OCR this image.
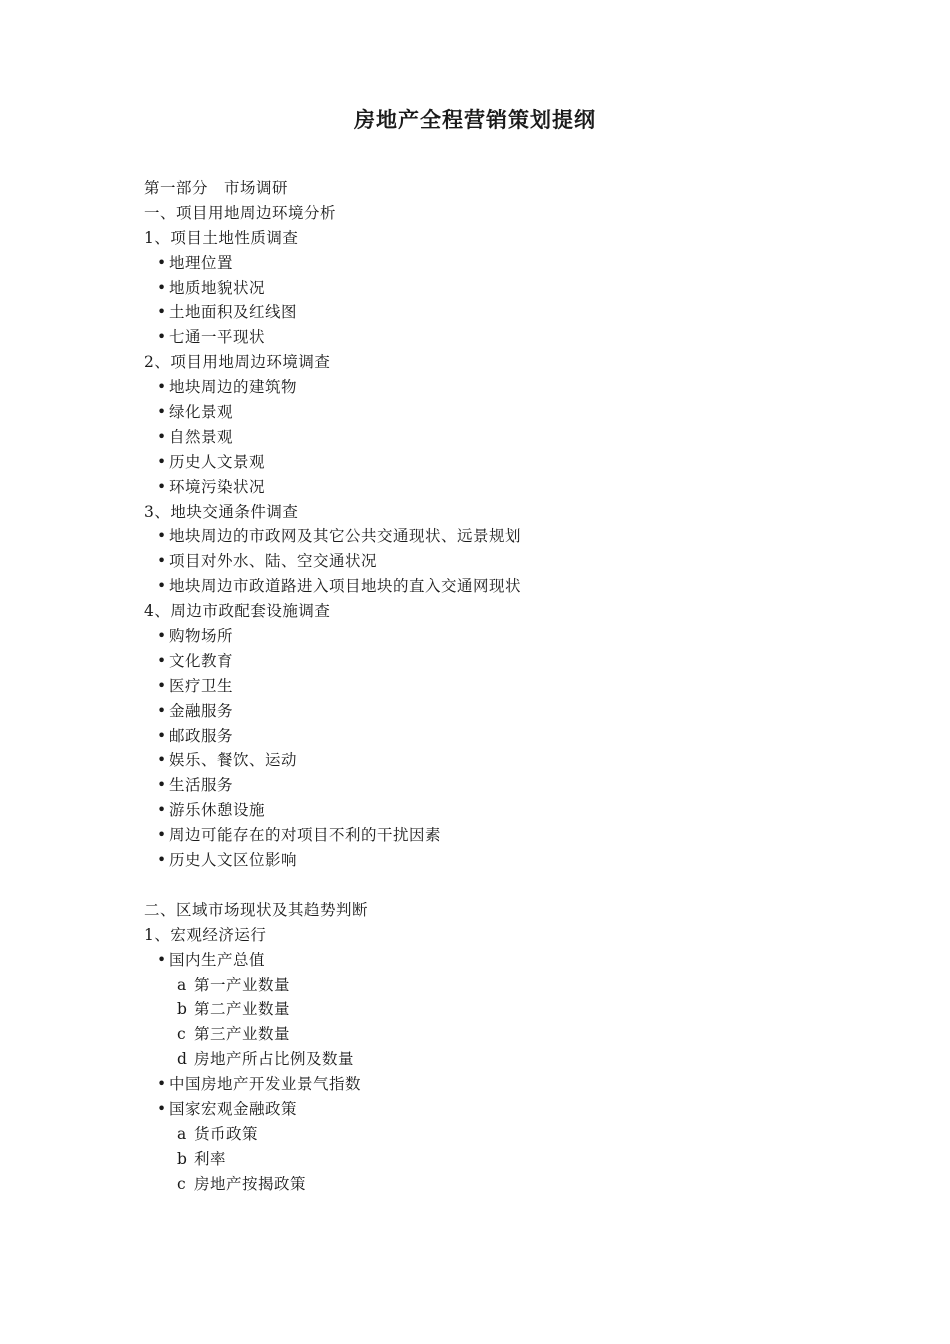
房地产全程营销策划提纲
第一部分　市场调研
一、项目用地周边环境分析
1、项目土地性质调查
• 地理位置
• 地质地貌状况
• 土地面积及红线图
• 七通一平现状
2、项目用地周边环境调查
• 地块周边的建筑物
• 绿化景观
• 自然景观
• 历史人文景观
• 环境污染状况
3、地块交通条件调查
• 地块周边的市政网及其它公共交通现状、远景规划
• 项目对外水、陆、空交通状况
• 地块周边市政道路进入项目地块的直入交通网现状
4、周边市政配套设施调查
• 购物场所
• 文化教育
• 医疗卫生
• 金融服务
• 邮政服务
• 娱乐、餐饮、运动
• 生活服务
• 游乐休憩设施
• 周边可能存在的对项目不利的干扰因素
• 历史人文区位影响
二、区域市场现状及其趋势判断
1、宏观经济运行
• 国内生产总值
a 第一产业数量
b 第二产业数量
c 第三产业数量
d 房地产所占比例及数量
• 中国房地产开发业景气指数
• 国家宏观金融政策
a 货币政策
b 利率
c 房地产按揭政策
